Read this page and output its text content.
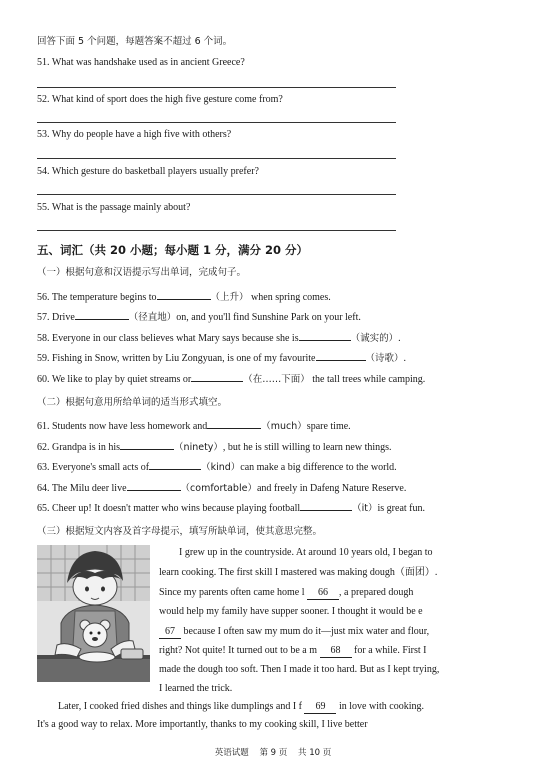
回答下面 5 个问题，每题答案不超过 6 个词。
51. What was handshake used as in ancient Greece?
52. What kind of sport does the high five gesture come from?
53. Why do people have a high five with others?
54. Which gesture do basketball players usually prefer?
55. What is the passage mainly about?
五、词汇（共 20 小题；每小题 1 分，满分 20 分）
（一）根据句意和汉语提示写出单词，完成句子。
56. The temperature begins to	（上升） when spring comes.
57. Drive	（径直地）on, and you'll find Sunshine Park on your left.
58. Everyone in our class believes what Mary says because she is	（诚实的）.
59. Fishing in Snow, written by Liu Zongyuan, is one of my favourite	（诗歌）.
60. We like to play by quiet streams or	（在……下面） the tall trees while camping.
（二）根据句意用所给单词的适当形式填空。
61. Students now have less homework and	（much）spare time.
62. Grandpa is in his	（ninety）, but he is still willing to learn new things.
63. Everyone's small acts of	（kind）can make a big difference to the world.
64. The Milu deer live	（comfortable）and freely in Dafeng Nature Reserve.
65. Cheer up! It doesn't matter who wins because playing football	（it）is great fun.
（三）根据短文内容及首字母提示，填写所缺单词，使其意思完整。
I grew up in the countryside. At around 10 years old, I began to
learn cooking. The first skill I mastered was making dough（面团）.
Since my parents often came home l 66 , a prepared dough
would help my family have supper sooner. I thought it would be e
67 because I often saw my mum do it—just mix water and flour,
right? Not quite! It turned out to be a m 68 for a while. First I
made the dough too soft. Then I made it too hard. But as I kept trying,
I learned the trick.
Later, I cooked fried dishes and things like dumplings and I f 69 in love with cooking.
It's a good way to relax. More importantly, thanks to my cooking skill, I live better
英语试题 第 9 页 共 10 页
